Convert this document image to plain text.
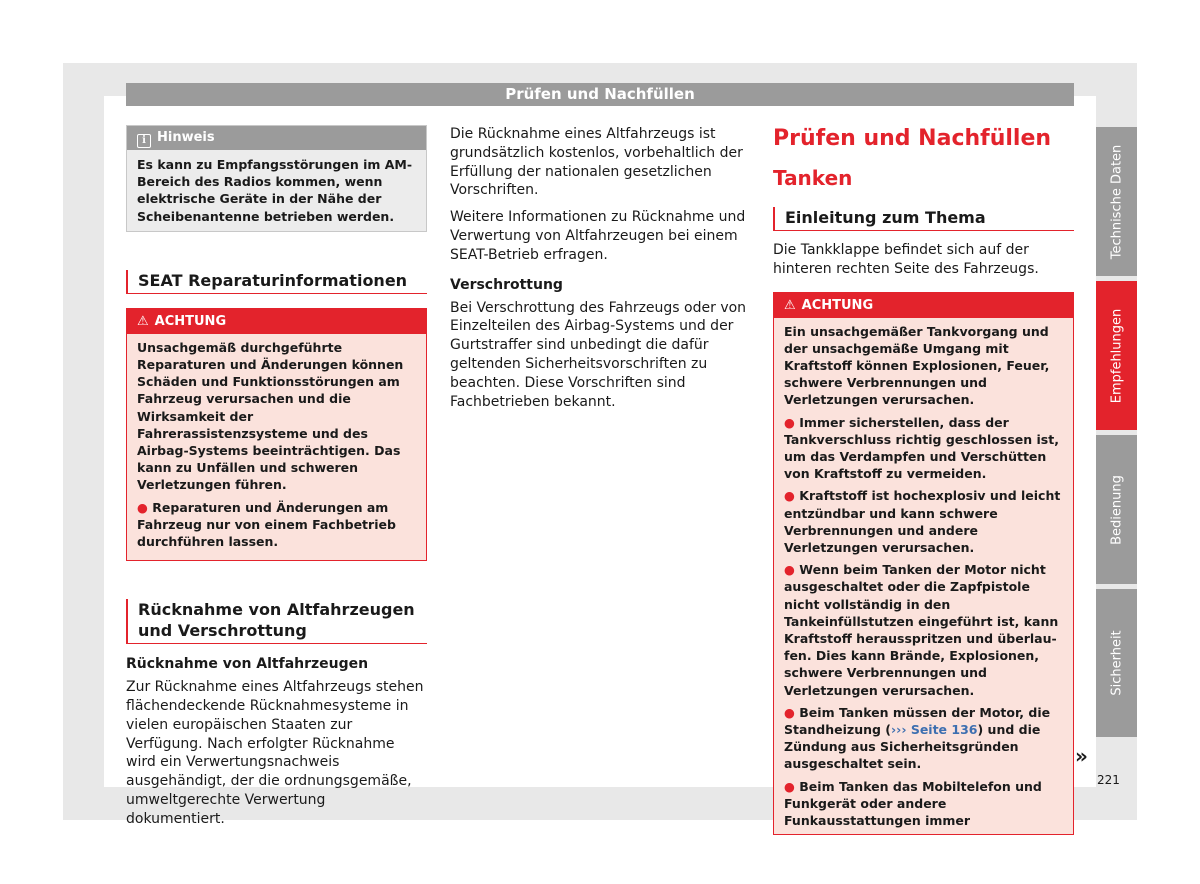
Prüfen und Nachfüllen
i Hinweis
Es kann zu Empfangsstörungen im AM-Bereich des Radios kommen, wenn elektrische Geräte in der Nähe der Scheibenantenne betrieben werden.
SEAT Reparaturinformationen
⚠ ACHTUNG

Unsachgemäß durchgeführte Reparaturen und Änderungen können Schäden und Funktionsstörungen am Fahrzeug verursachen und die Wirksamkeit der Fahrerassistenzsysteme und des Airbag-Systems beeinträchtigen. Das kann zu Unfällen und schweren Verletzungen führen.

● Reparaturen und Änderungen am Fahrzeug nur von einem Fachbetrieb durchführen lassen.

Rücknahme von Altfahrzeugen und Verschrottung

Rücknahme von Altfahrzeugen

Zur Rücknahme eines Altfahrzeugs stehen flächendeckende Rücknahmesysteme in vielen europäischen Staaten zur Verfügung. Nach erfolgter Rücknahme wird ein Verwertungsnachweis ausgehändigt, der die ordnungsgemäße, umweltgerechte Verwertung dokumentiert.

Die Rücknahme eines Altfahrzeugs ist grundsätzlich kostenlos, vorbehaltlich der Erfüllung der nationalen gesetzlichen Vorschriften.

Weitere Informationen zu Rücknahme und Verwertung von Altfahrzeugen bei einem SEAT-Betrieb erfragen.

Verschrottung

Bei Verschrottung des Fahrzeugs oder von Einzelteilen des Airbag-Systems und der Gurtstraffer sind unbedingt die dafür geltenden Sicherheitsvorschriften zu beachten. Diese Vorschriften sind Fachbetrieben bekannt.

Prüfen und Nachfüllen

Tanken

Einleitung zum Thema

Die Tankklappe befindet sich auf der hinteren rechten Seite des Fahrzeugs.

⚠ ACHTUNG

Ein unsachgemäßer Tankvorgang und der unsachgemäße Umgang mit Kraftstoff können Explosionen, Feuer, schwere Verbrennungen und Verletzungen verursachen.

● Immer sicherstellen, dass der Tankverschluss richtig geschlossen ist, um das Verdampfen und Verschütten von Kraftstoff zu vermeiden.

● Kraftstoff ist hochexplosiv und leicht entzündbar und kann schwere Verbrennungen und andere Verletzungen verursachen.

● Wenn beim Tanken der Motor nicht ausgeschaltet oder die Zapfpistole nicht vollständig in den Tankeinfüllstutzen eingeführt ist, kann Kraftstoff herausspritzen und überlaufen. Dies kann Brände, Explosionen, schwere Verbrennungen und Verletzungen verursachen.

● Beim Tanken müssen der Motor, die Standheizung (››› Seite 136) und die Zündung aus Sicherheitsgründen ausgeschaltet sein.

● Beim Tanken das Mobiltelefon und Funkgerät oder andere Funkausstattungen immer

Technische Daten
Empfehlungen
Bedienung
Sicherheit
»
221
